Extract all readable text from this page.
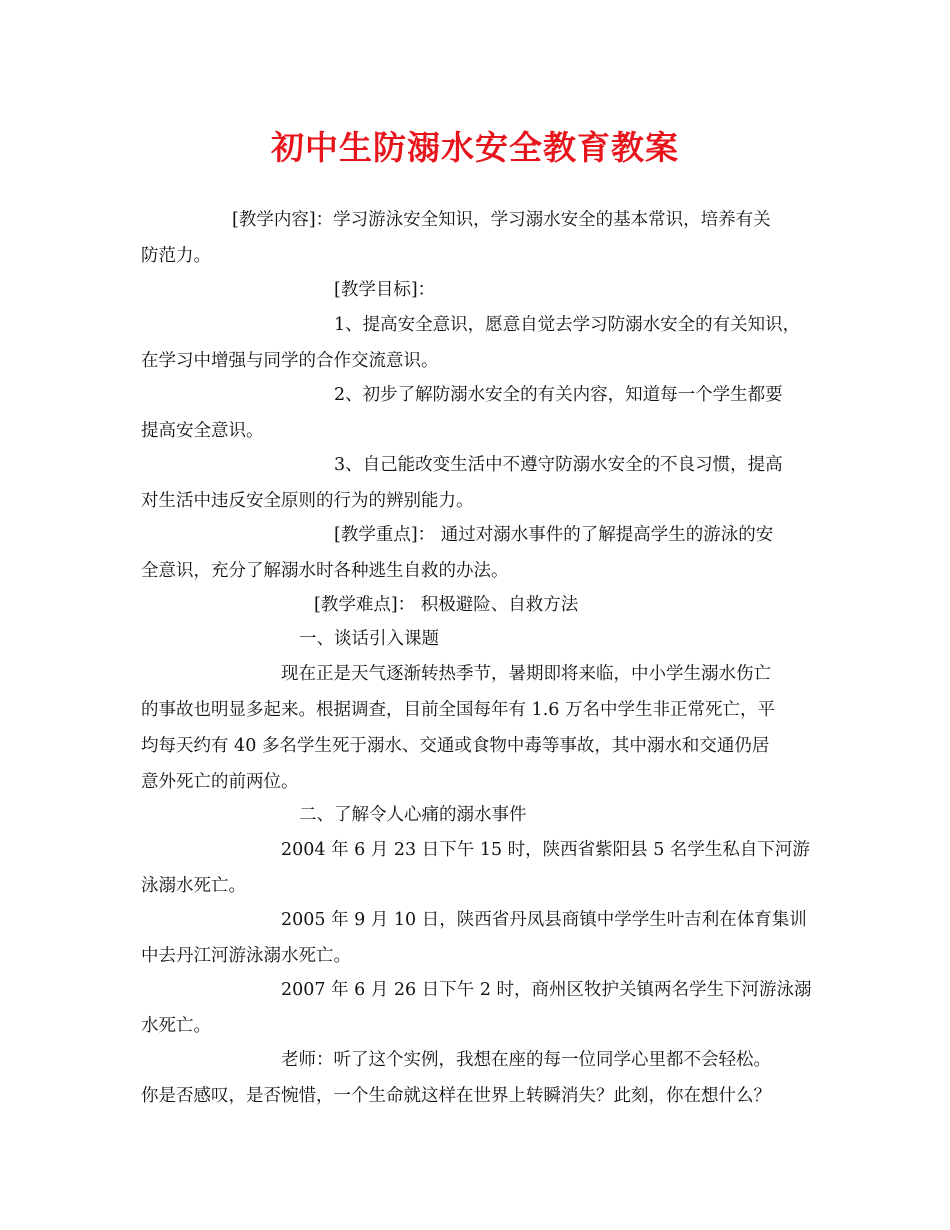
初中生防溺水安全教育教案
[教学内容]：学习游泳安全知识，学习溺水安全的基本常识，培养有关
防范力。
[教学目标]：
1、提高安全意识，愿意自觉去学习防溺水安全的有关知识，
在学习中增强与同学的合作交流意识。
2、初步了解防溺水安全的有关内容，知道每一个学生都要
提高安全意识。
3、自己能改变生活中不遵守防溺水安全的不良习惯，提高
对生活中违反安全原则的行为的辨别能力。
[教学重点]： 通过对溺水事件的了解提高学生的游泳的安
全意识，充分了解溺水时各种逃生自救的办法。
[教学难点]： 积极避险、自救方法
一、谈话引入课题
现在正是天气逐渐转热季节，暑期即将来临，中小学生溺水伤亡
的事故也明显多起来。根据调查，目前全国每年有 1.6 万名中学生非正常死亡，平
均每天约有 40 多名学生死于溺水、交通或食物中毒等事故，其中溺水和交通仍居
意外死亡的前两位。
二、了解令人心痛的溺水事件
2004 年 6 月 23 日下午 15 时，陕西省紫阳县 5 名学生私自下河游
泳溺水死亡。
2005 年 9 月 10 日，陕西省丹凤县商镇中学学生叶吉利在体育集训
中去丹江河游泳溺水死亡。
2007 年 6 月 26 日下午 2 时，商州区牧护关镇两名学生下河游泳溺
水死亡。
老师：听了这个实例，我想在座的每一位同学心里都不会轻松。
你是否感叹，是否惋惜，一个生命就这样在世界上转瞬消失？此刻，你在想什么？
